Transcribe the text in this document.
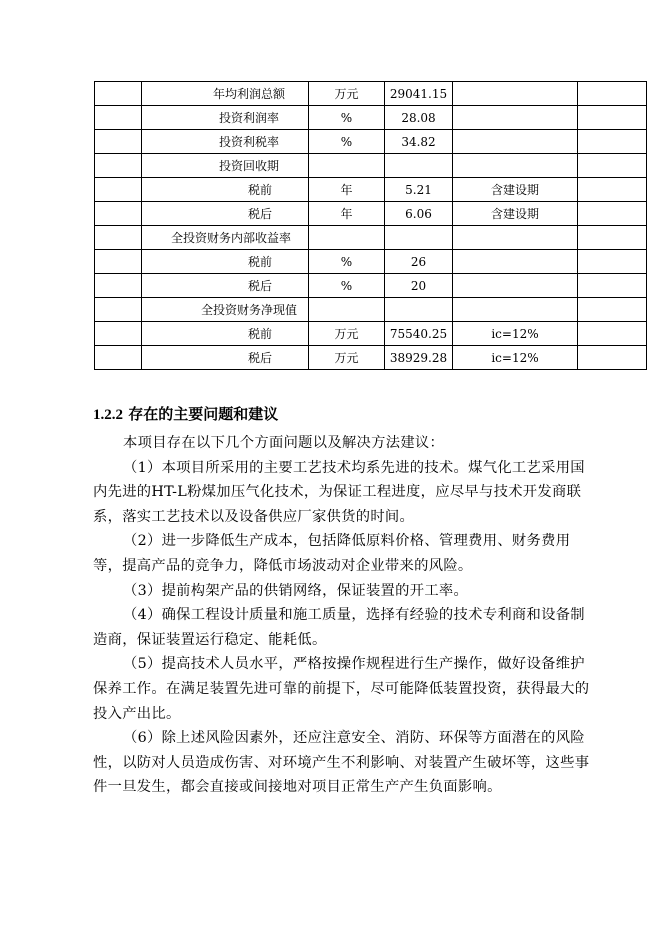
	年均利润总额	万元	29041.15		
	投资利润率	%	28.08		
	投资利税率	%	34.82		
	投资回收期				
	税前	年	5.21	含建设期	
	税后	年	6.06	含建设期	
	全投资财务内部收益率				
	税前	%	26		
	税后	%	20		
	全投资财务净现值				
	税前	万元	75540.25	ic=12%	
	税后	万元	38929.28	ic=12%	
1.2.2 存在的主要问题和建议

本项目存在以下几个方面问题以及解决方法建议：

（1）本项目所采用的主要工艺技术均系先进的技术。煤气化工艺采用国内先进的HT-L粉煤加压气化技术，为保证工程进度，应尽早与技术开发商联系，落实工艺技术以及设备供应厂家供货的时间。

（2）进一步降低生产成本，包括降低原料价格、管理费用、财务费用等，提高产品的竞争力，降低市场波动对企业带来的风险。

（3）提前构架产品的供销网络，保证装置的开工率。

（4）确保工程设计质量和施工质量，选择有经验的技术专利商和设备制造商，保证装置运行稳定、能耗低。

（5）提高技术人员水平，严格按操作规程进行生产操作，做好设备维护保养工作。在满足装置先进可靠的前提下，尽可能降低装置投资，获得最大的投入产出比。

（6）除上述风险因素外，还应注意安全、消防、环保等方面潜在的风险性，以防对人员造成伤害、对环境产生不利影响、对装置产生破坏等，这些事件一旦发生，都会直接或间接地对项目正常生产产生负面影响。
